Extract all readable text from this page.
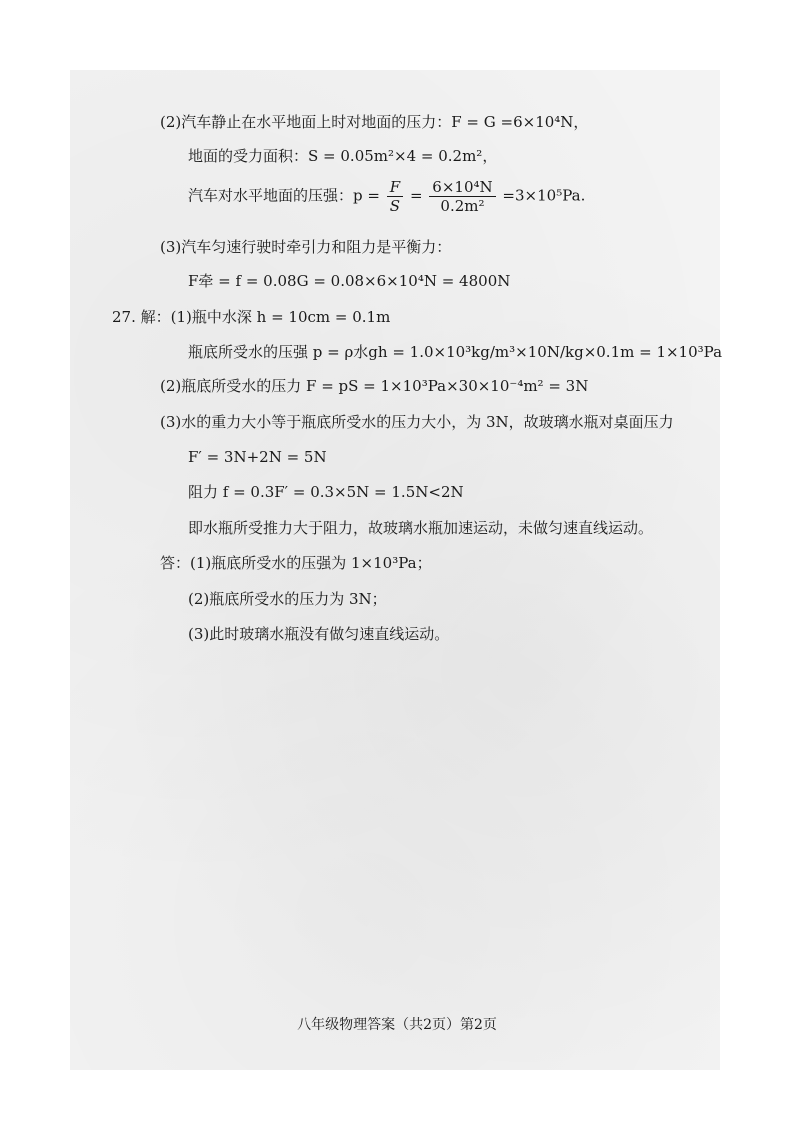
(2)汽车静止在水平地面上时对地面的压力：F = G =6×10⁴N，
地面的受力面积：S = 0.05m²×4 = 0.2m²，
汽车对水平地面的压强：$p = \frac{F}{S} = \frac{\text{6×10⁴N}}{\text{0.2m²}} =3\times 10^5Pa$.
(3)汽车匀速行驶时牵引力和阻力是平衡力：
F牵 = f = 0.08G = 0.08×6×10⁴N = 4800N
27. 解：(1)瓶中水深 h = 10cm = 0.1m
瓶底所受水的压强 p = ρ水gh = 1.0×10³kg/m³×10N/kg×0.1m = 1×10³Pa
(2)瓶底所受水的压力 F = pS = 1×10³Pa×30×10⁻⁴m² = 3N
(3)水的重力大小等于瓶底所受水的压力大小，为 3N，故玻璃水瓶对桌面压力
F′ = 3N+2N = 5N
阻力 f = 0.3F′ = 0.3×5N = 1.5N<2N
即水瓶所受推力大于阻力，故玻璃水瓶加速运动，未做匀速直线运动。
答：(1)瓶底所受水的压强为 1×10³Pa；
(2)瓶底所受水的压力为 3N；
(3)此时玻璃水瓶没有做匀速直线运动。
八年级物理答案（共2页）第2页
